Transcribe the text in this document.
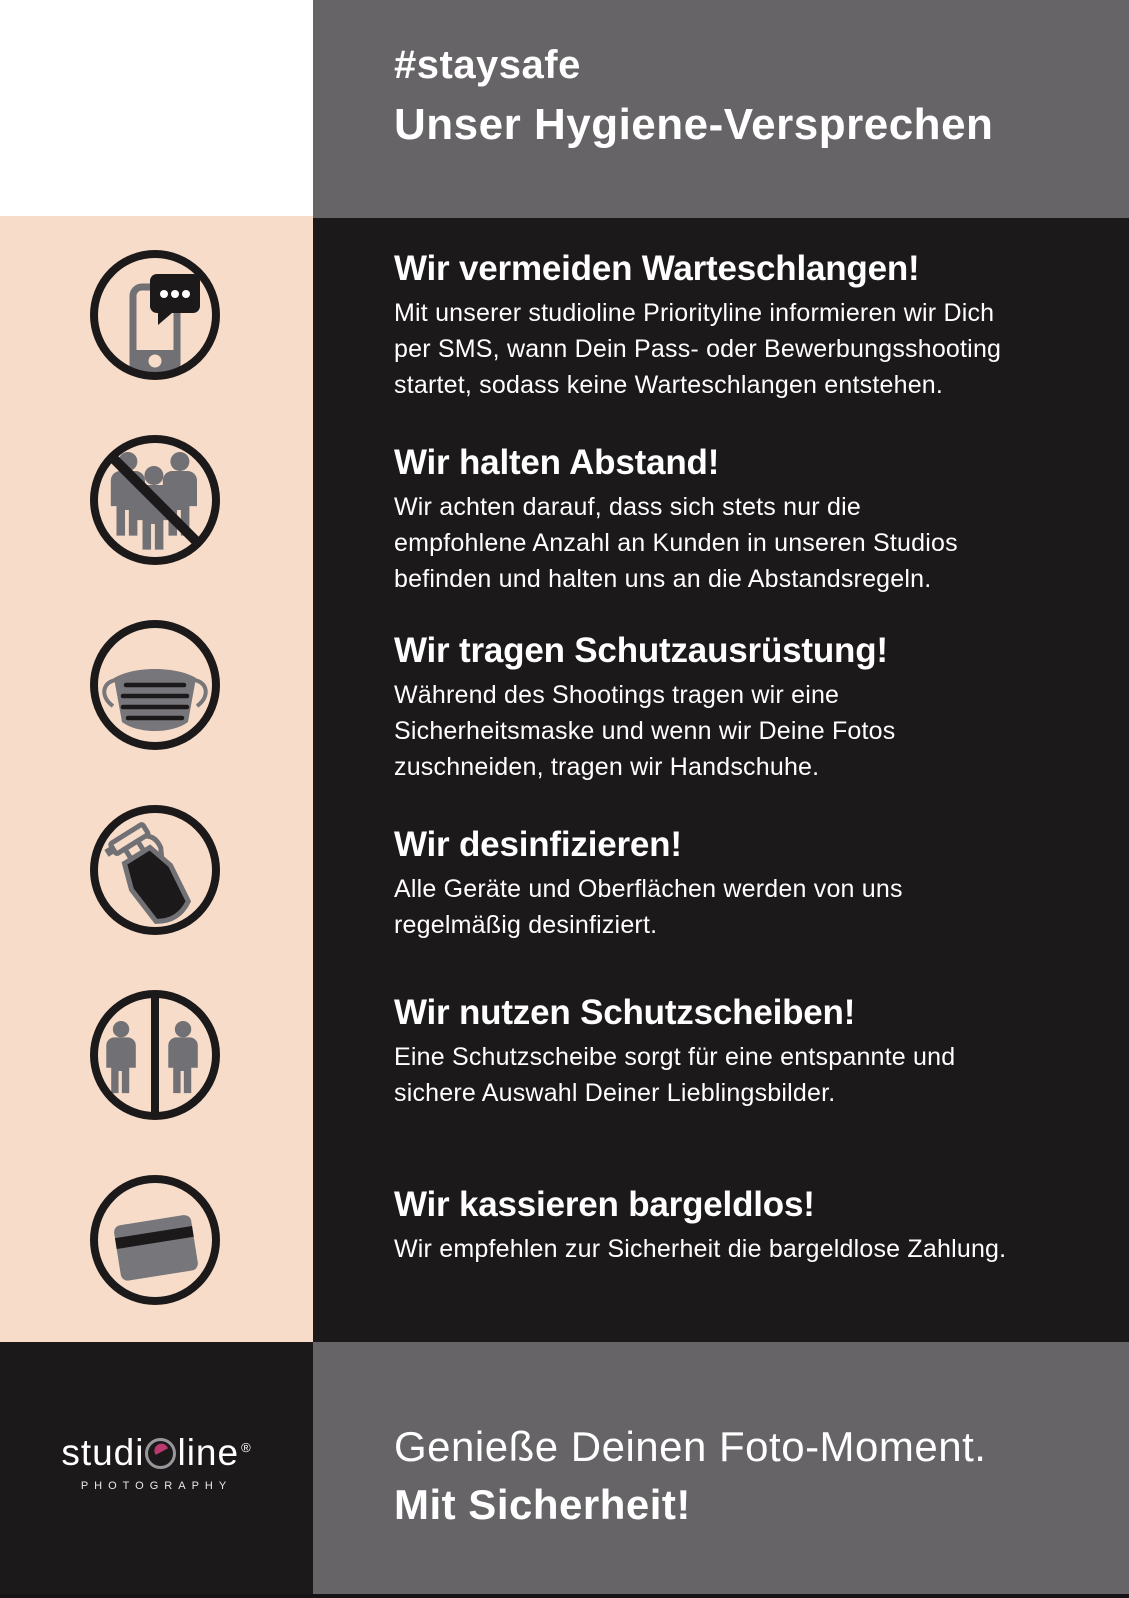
#staysafe
Unser Hygiene-Versprechen
Wir vermeiden Warteschlangen!
Mit unserer studioline Priorityline informieren wir Dich
per SMS, wann Dein Pass- oder Bewerbungsshooting
startet, sodass keine Warteschlangen entstehen.
Wir halten Abstand!
Wir achten darauf, dass sich stets nur die
empfohlene Anzahl an Kunden in unseren Studios
befinden und halten uns an die Abstandsregeln.
Wir tragen Schutzausrüstung!
Während des Shootings tragen wir eine
Sicherheitsmaske und wenn wir Deine Fotos
zuschneiden, tragen wir Handschuhe.
Wir desinfizieren!
Alle Geräte und Oberflächen werden von uns
regelmäßig desinfiziert.
Wir nutzen Schutzscheiben!
Eine Schutzscheibe sorgt für eine entspannte und
sichere Auswahl Deiner Lieblingsbilder.
Wir kassieren bargeldlos!
Wir empfehlen zur Sicherheit die bargeldlose Zahlung.
Genieße Deinen Foto-Moment.
Mit Sicherheit!
studi line ®
PHOTOGRAPHY
